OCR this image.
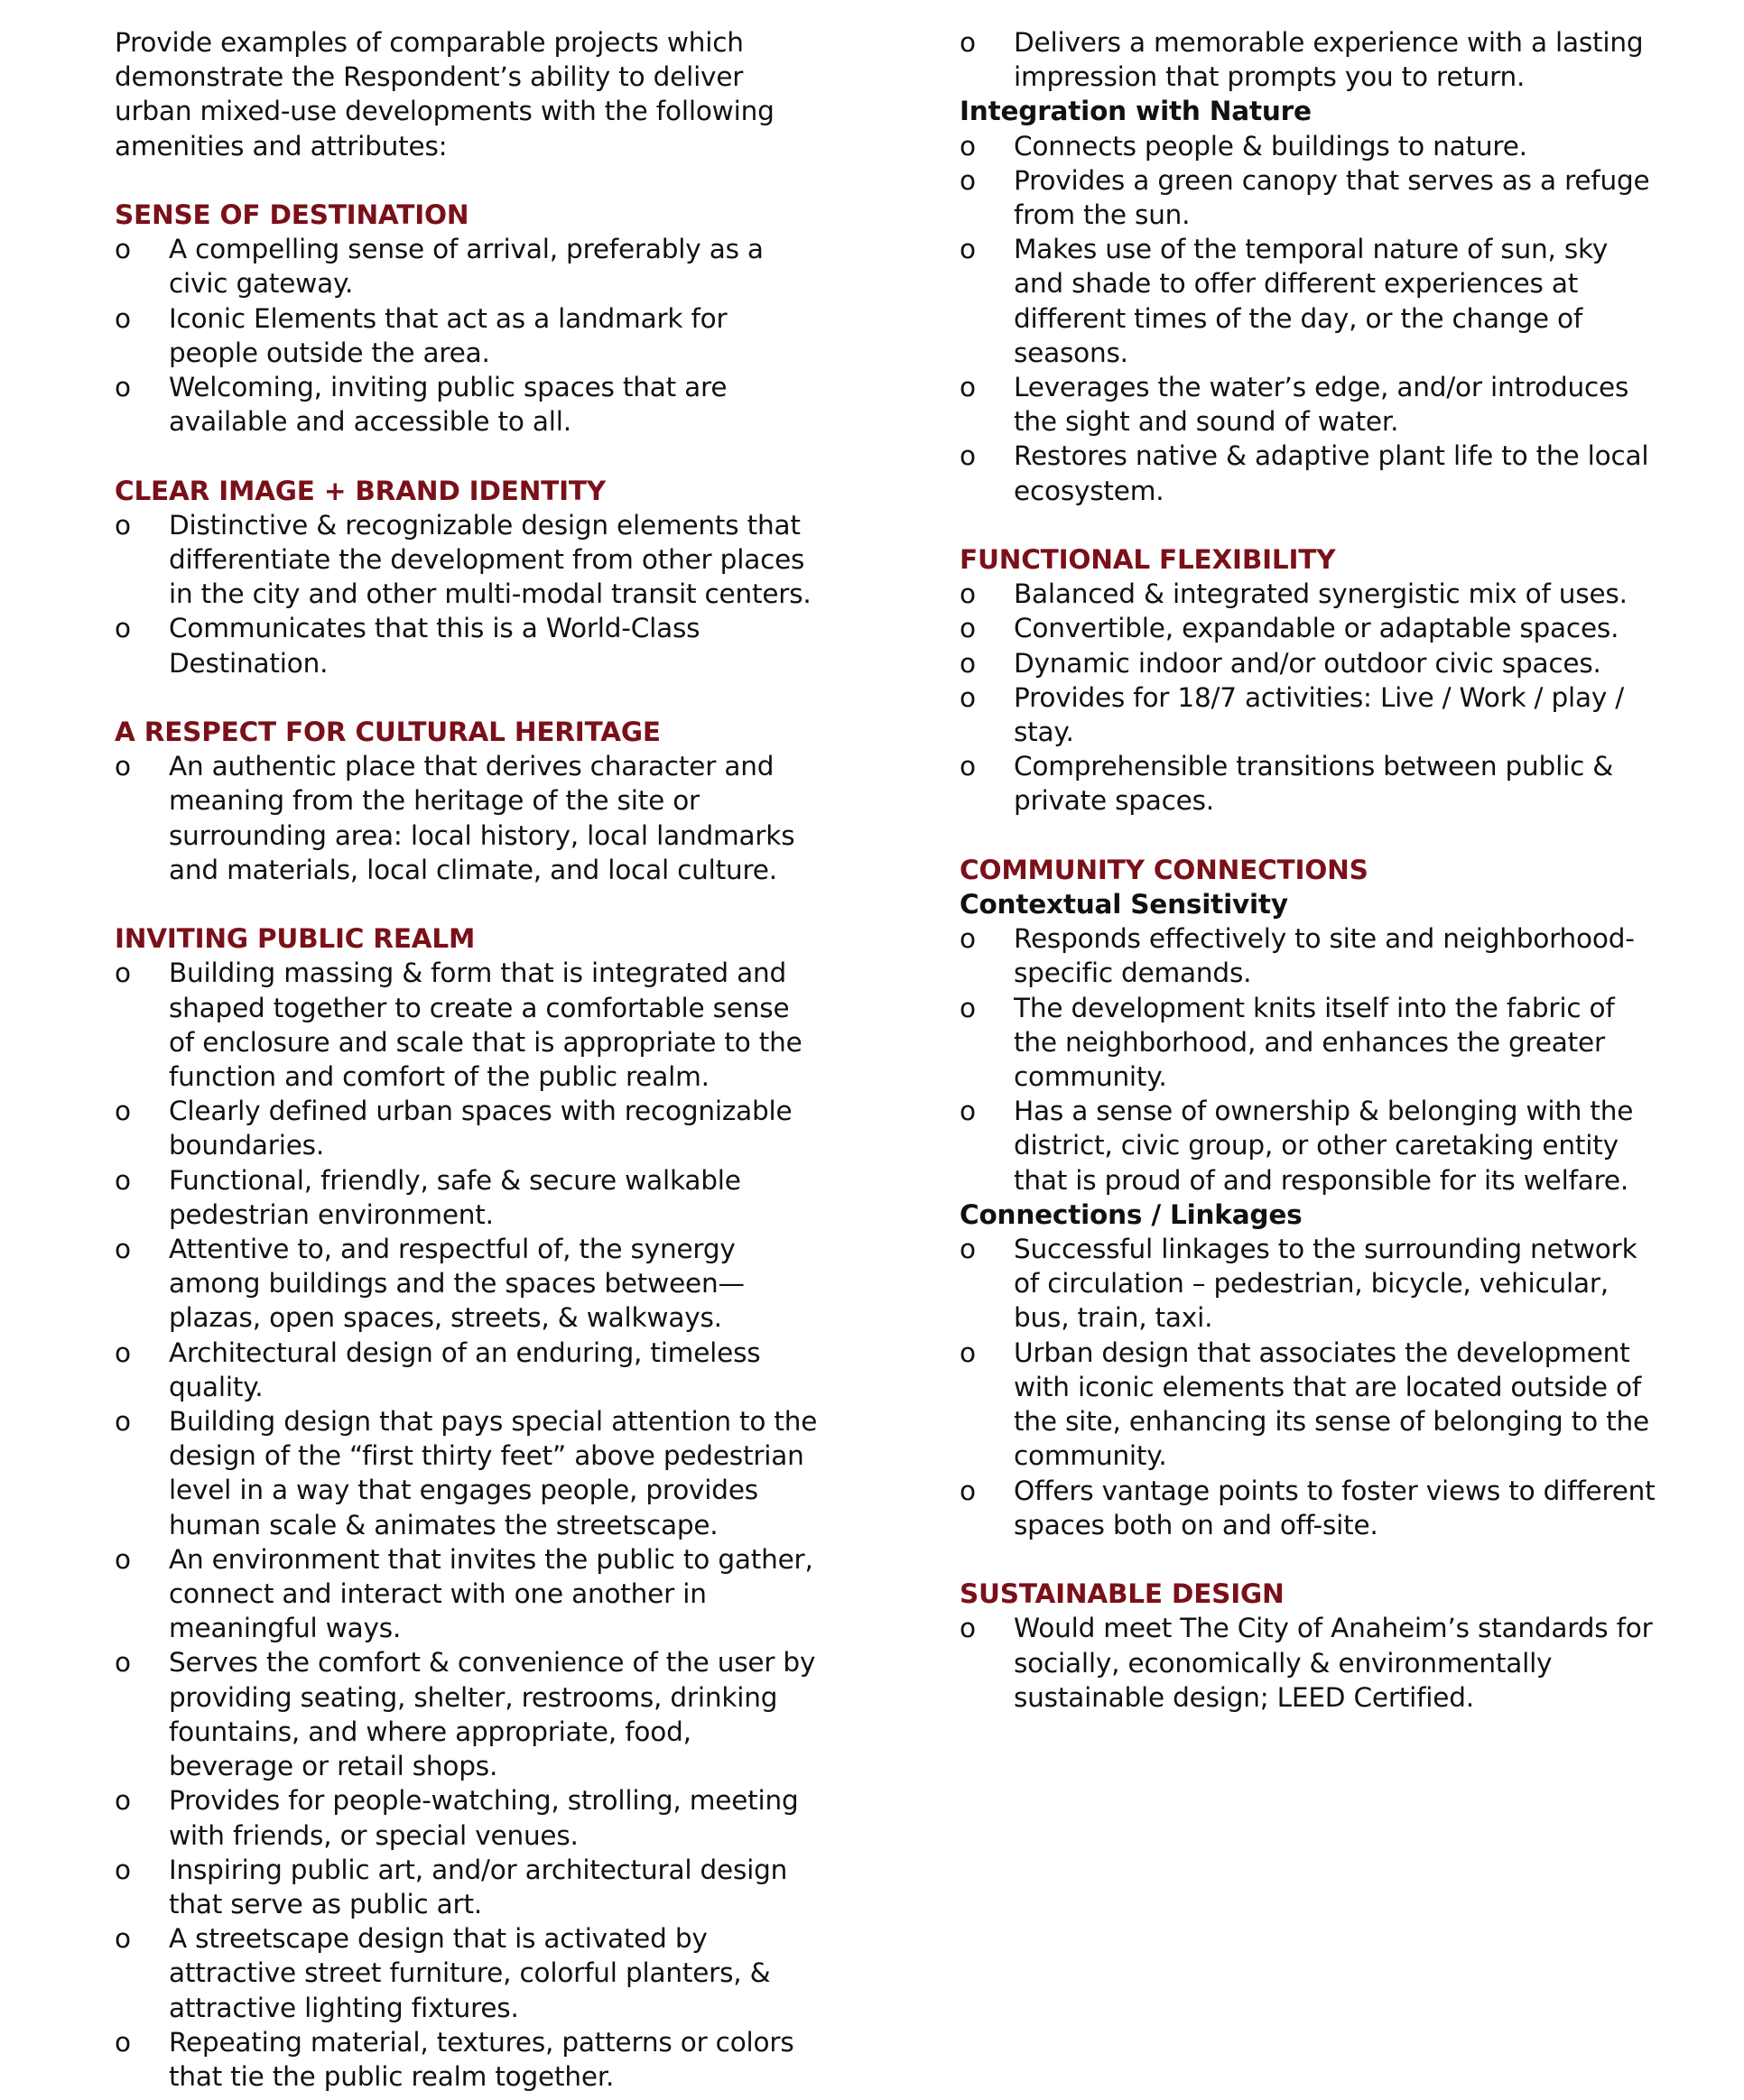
Provide examples of comparable projects which demonstrate the Respondent’s ability to deliver urban mixed-use developments with the following amenities and attributes:

SENSE OF DESTINATION
o	A compelling sense of arrival, preferably as a civic gateway.
o	Iconic Elements that act as a landmark for people outside the area.
o	Welcoming, inviting public spaces that are available and accessible to all.
CLEAR IMAGE + BRAND IDENTITY
o	Distinctive & recognizable design elements that differentiate the development from other places in the city and other multi-modal transit centers.
o	Communicates that this is a World-Class Destination.
A RESPECT FOR CULTURAL HERITAGE
o	An authentic place that derives character and meaning from the heritage of the site or surrounding area: local history, local landmarks and materials, local climate, and local culture.
INVITING PUBLIC REALM
o	Building massing & form that is integrated and shaped together to create a comfortable sense of enclosure and scale that is appropriate to the function and comfort of the public realm.
o	Clearly defined urban spaces with recognizable boundaries.
o	Functional, friendly, safe & secure walkable pedestrian environment.
o	Attentive to, and respectful of, the synergy among buildings and the spaces between— plazas, open spaces, streets, & walkways.
o	Architectural design of an enduring, timeless quality.
o	Building design that pays special attention to the design of the “first thirty feet” above pedestrian level in a way that engages people, provides human scale & animates the streetscape.
o	An environment that invites the public to gather, connect and interact with one another in meaningful ways.
o	Serves the comfort & convenience of the user by providing seating, shelter, restrooms, drinking fountains, and where appropriate, food, beverage or retail shops.
o	Provides for people-watching, strolling, meeting with friends, or special venues.
o	Inspiring public art, and/or architectural design that serve as public art.
o	A streetscape design that is activated by attractive street furniture, colorful planters, & attractive lighting fixtures.
o	Repeating material, textures, patterns or colors that tie the public realm together.
o	Delivers a memorable experience with a lasting impression that prompts you to return.
Integration with Nature
o	Connects people & buildings to nature.
o	Provides a green canopy that serves as a refuge from the sun.
o	Makes use of the temporal nature of sun, sky and shade to offer different experiences at different times of the day, or the change of seasons.
o	Leverages the water’s edge, and/or introduces the sight and sound of water.
o	Restores native & adaptive plant life to the local ecosystem.
FUNCTIONAL FLEXIBILITY
o	Balanced & integrated synergistic mix of uses.
o	Convertible, expandable or adaptable spaces.
o	Dynamic indoor and/or outdoor civic spaces.
o	Provides for 18/7 activities: Live / Work / play / stay.
o	Comprehensible transitions between public & private spaces.
COMMUNITY CONNECTIONS
Contextual Sensitivity
o	Responds effectively to site and neighborhood-specific demands.
o	The development knits itself into the fabric of the neighborhood, and enhances the greater community.
o	Has a sense of ownership & belonging with the district, civic group, or other caretaking entity that is proud of and responsible for its welfare.
Connections / Linkages
o	Successful linkages to the surrounding network of circulation – pedestrian, bicycle, vehicular, bus, train, taxi.
o	Urban design that associates the development with iconic elements that are located outside of the site, enhancing its sense of belonging to the community.
o	Offers vantage points to foster views to different spaces both on and off-site.
SUSTAINABLE DESIGN
o	Would meet The City of Anaheim’s standards for socially, economically & environmentally sustainable design; LEED Certified.
